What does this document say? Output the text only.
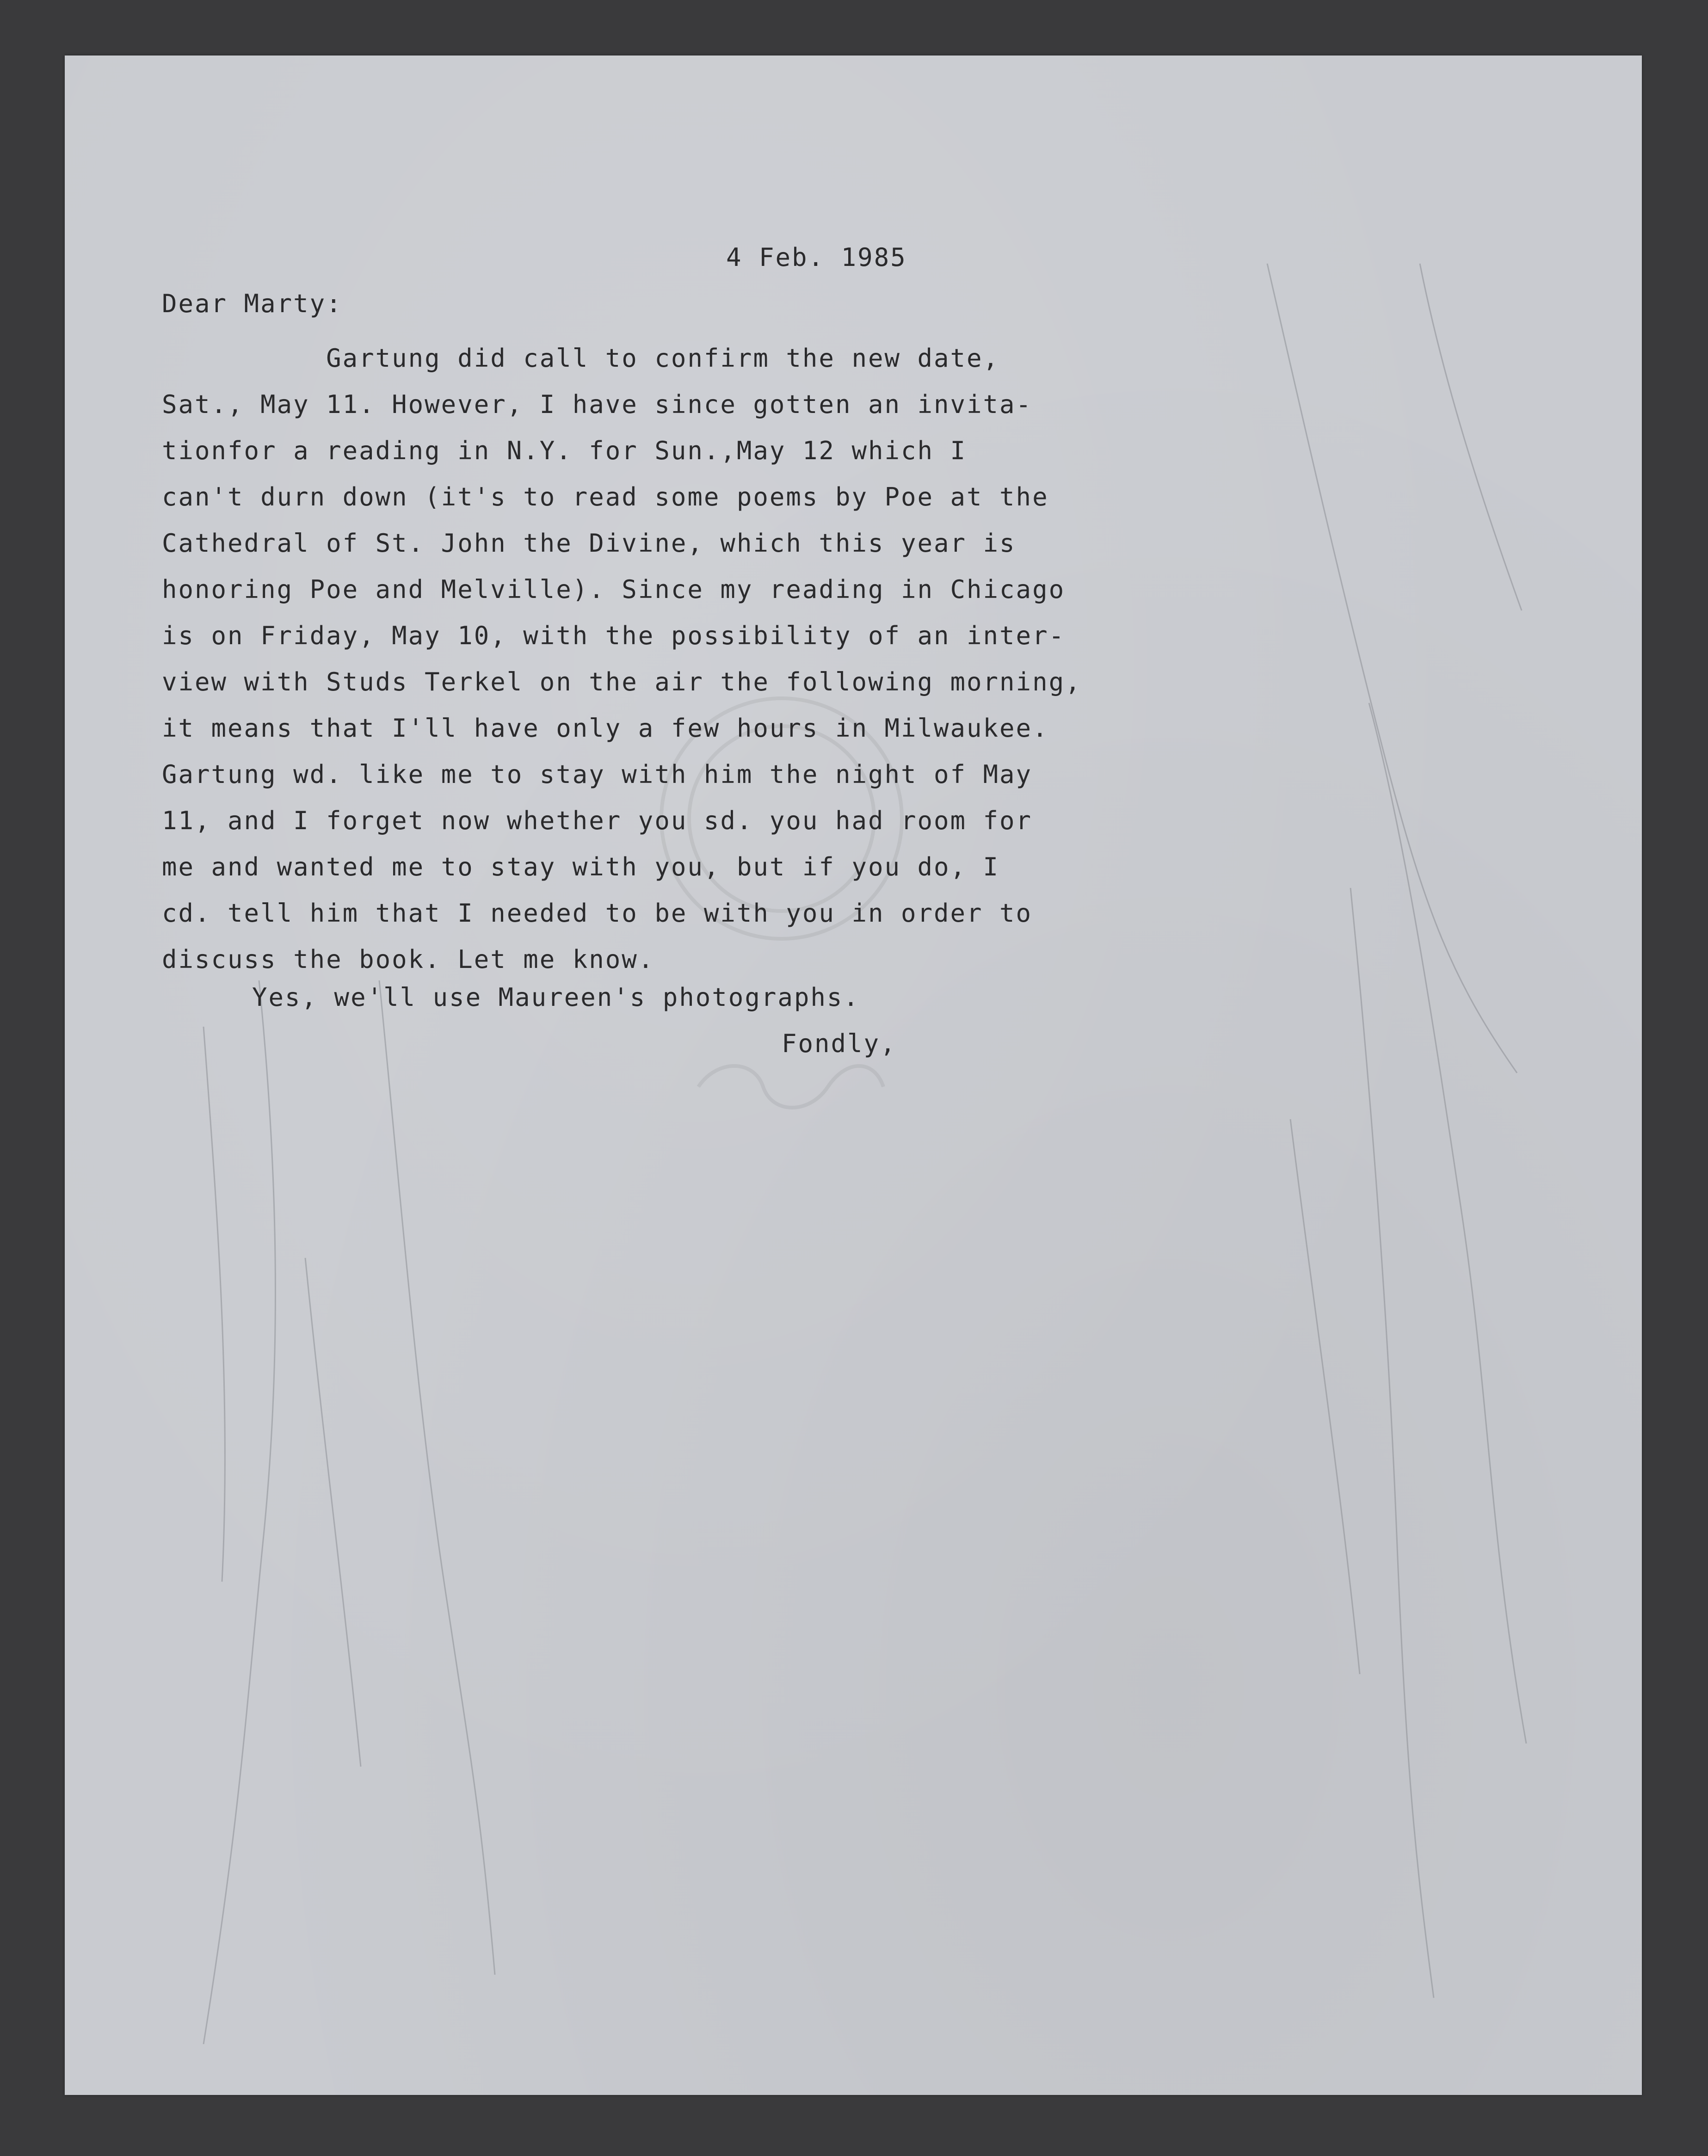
4 Feb. 1985
Dear Marty:
Gartung did call to confirm the new date,
Sat., May 11. However, I have since gotten an invita-
tionfor a reading in N.Y. for Sun.,May 12 which I
can't durn down (it's to read some poems by Poe at the
Cathedral of St. John the Divine, which this year is
honoring Poe and Melville). Since my reading in Chicago
is on Friday, May 10, with the possibility of an inter-
view with Studs Terkel on the air the following morning,
it means that I'll have only a few hours in Milwaukee.
Gartung wd. like me to stay with him the night of May
11, and I forget now whether you sd. you had room for
me and wanted me to stay with you, but if you do, I
cd. tell him that I needed to be with you in order to
discuss the book. Let me know.
Yes, we'll use Maureen's photographs.
Fondly,
